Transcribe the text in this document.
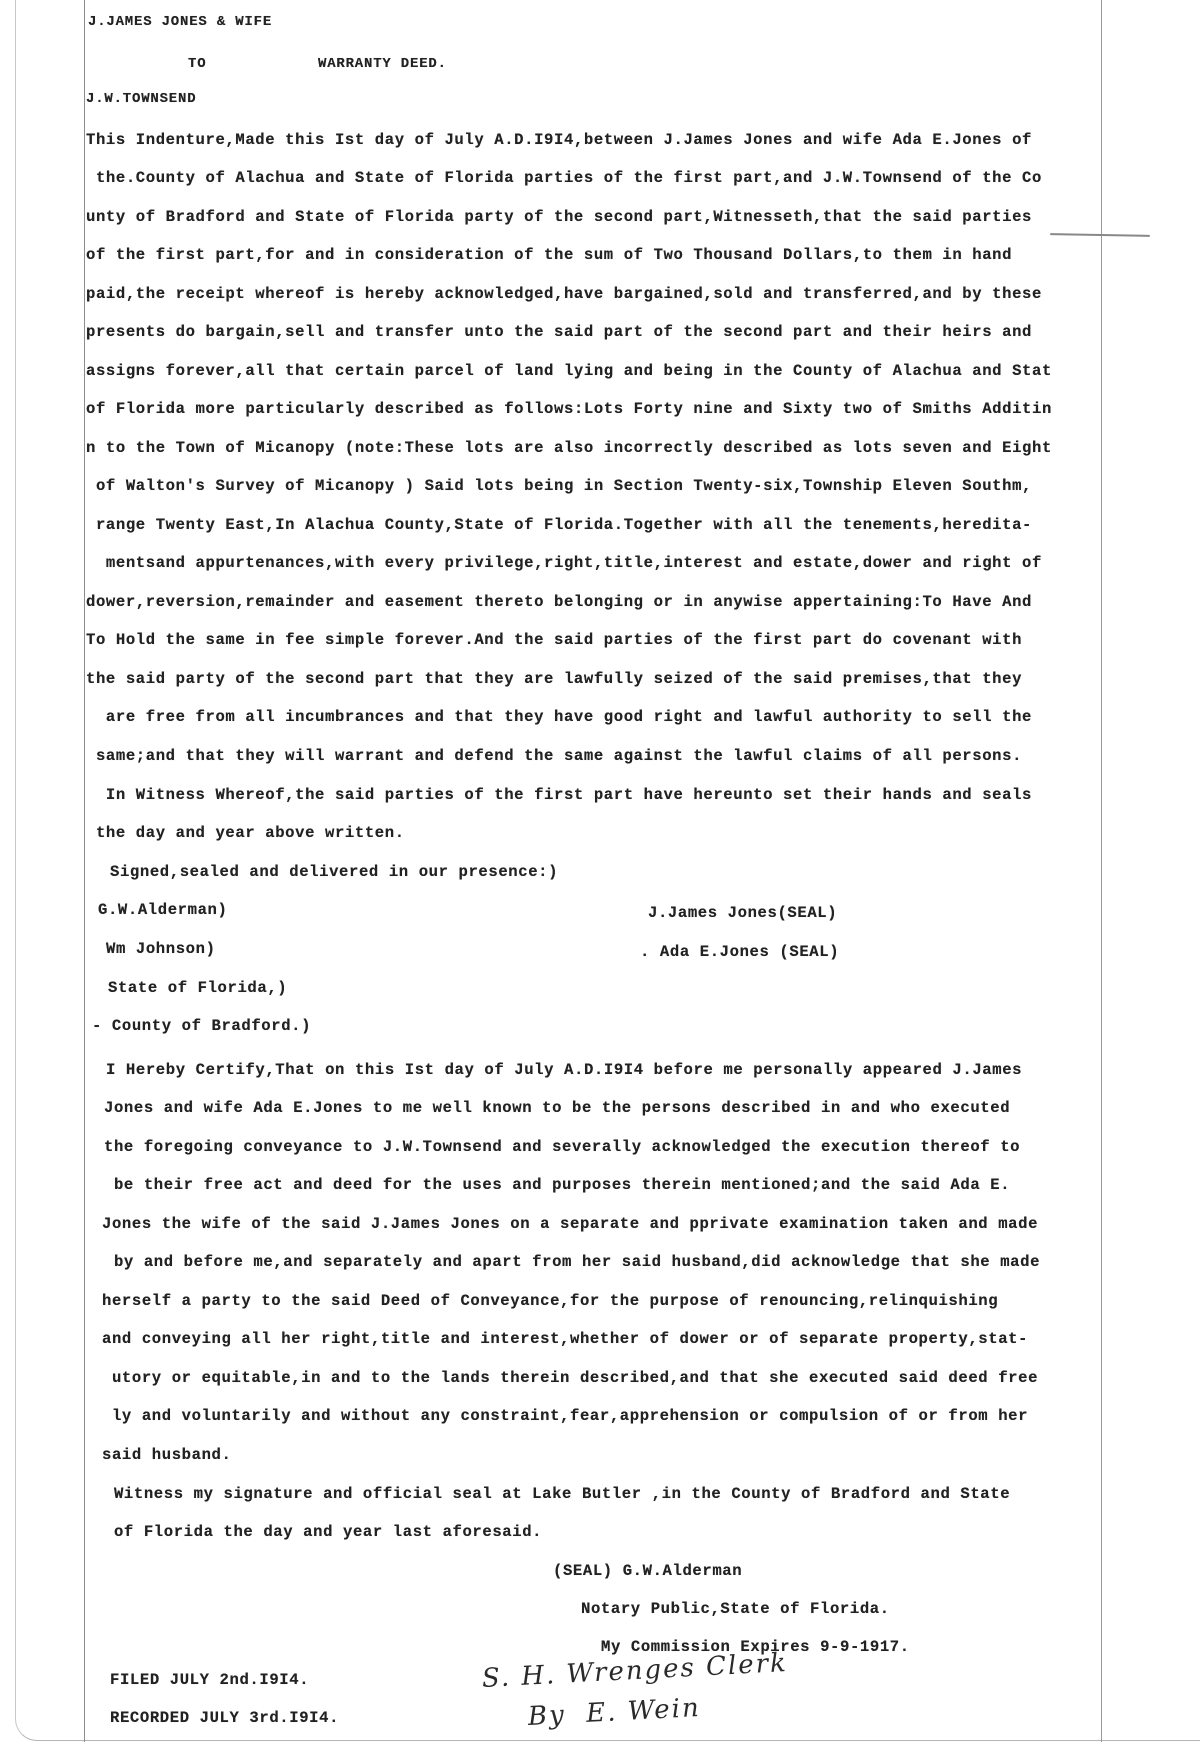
J.JAMES JONES & WIFE
TO	WARRANTY DEED.
J.W.TOWNSEND
This Indenture,Made this Ist day of July A.D.I9I4,between J.James Jones and wife Ada E.Jones of
the.County of Alachua and State of Florida parties of the first part,and J.W.Townsend of the Co
unty of Bradford and State of Florida party of the second part,Witnesseth,that the said parties
of the first part,for and in consideration of the sum of Two Thousand Dollars,to them in hand
paid,the receipt whereof is hereby acknowledged,have bargained,sold and transferred,and by these
presents do bargain,sell and transfer unto the said part of the second part and their heirs and
assigns forever,all that certain parcel of land lying and being in the County of Alachua and Stat
of Florida more particularly described as follows:Lots Forty nine and Sixty two of Smiths Additin
n to the Town of Micanopy (note:These lots are also incorrectly described as lots seven and Eight
of Walton's Survey of Micanopy ) Said lots being in Section Twenty-six,Township Eleven Southm,
range Twenty East,In Alachua County,State of Florida.Together with all the tenements,heredita-
mentsand appurtenances,with every privilege,right,title,interest and estate,dower and right of
dower,reversion,remainder and easement thereto belonging or in anywise appertaining:To Have And
To Hold the same in fee simple forever.And the said parties of the first part do covenant with
the said party of the second part that they are lawfully seized of the said premises,that they
are free from all incumbrances and that they have good right and lawful authority to sell the
same;and that they will warrant and defend the same against the lawful claims of all persons.
In Witness Whereof,the said parties of the first part have hereunto set their hands and seals
the day and year above written.
Signed,sealed and delivered in our presence:)
G.W.Alderman)	J.James Jones(SEAL)
Wm Johnson)	. Ada E.Jones (SEAL)
State of Florida,)
- County of Bradford.)
I Hereby Certify,That on this Ist day of July A.D.I9I4 before me personally appeared J.James
Jones and wife Ada E.Jones to me well known to be the persons described in and who executed
the foregoing conveyance to J.W.Townsend and severally acknowledged the execution thereof to
be their free act and deed for the uses and purposes therein mentioned;and the said Ada E.
Jones the wife of the said J.James Jones on a separate and pprivate examination taken and made
by and before me,and separately and apart from her said husband,did acknowledge that she made
herself a party to the said Deed of Conveyance,for the purpose of renouncing,relinquishing
and conveying all her right,title and interest,whether of dower or of separate property,stat-
utory or equitable,in and to the lands therein described,and that she executed said deed free
ly and voluntarily and without any constraint,fear,apprehension or compulsion of or from her
said husband.
Witness my signature and official seal at Lake Butler ,in the County of Bradford and State
of Florida the day and year last aforesaid.
(SEAL) G.W.Alderman
Notary Public,State of Florida.
My Commission Expires 9-9-1917.
FILED JULY 2nd.I9I4.
RECORDED JULY 3rd.I9I4.
S. H. Wrenges Clerk
By  E. Wein
